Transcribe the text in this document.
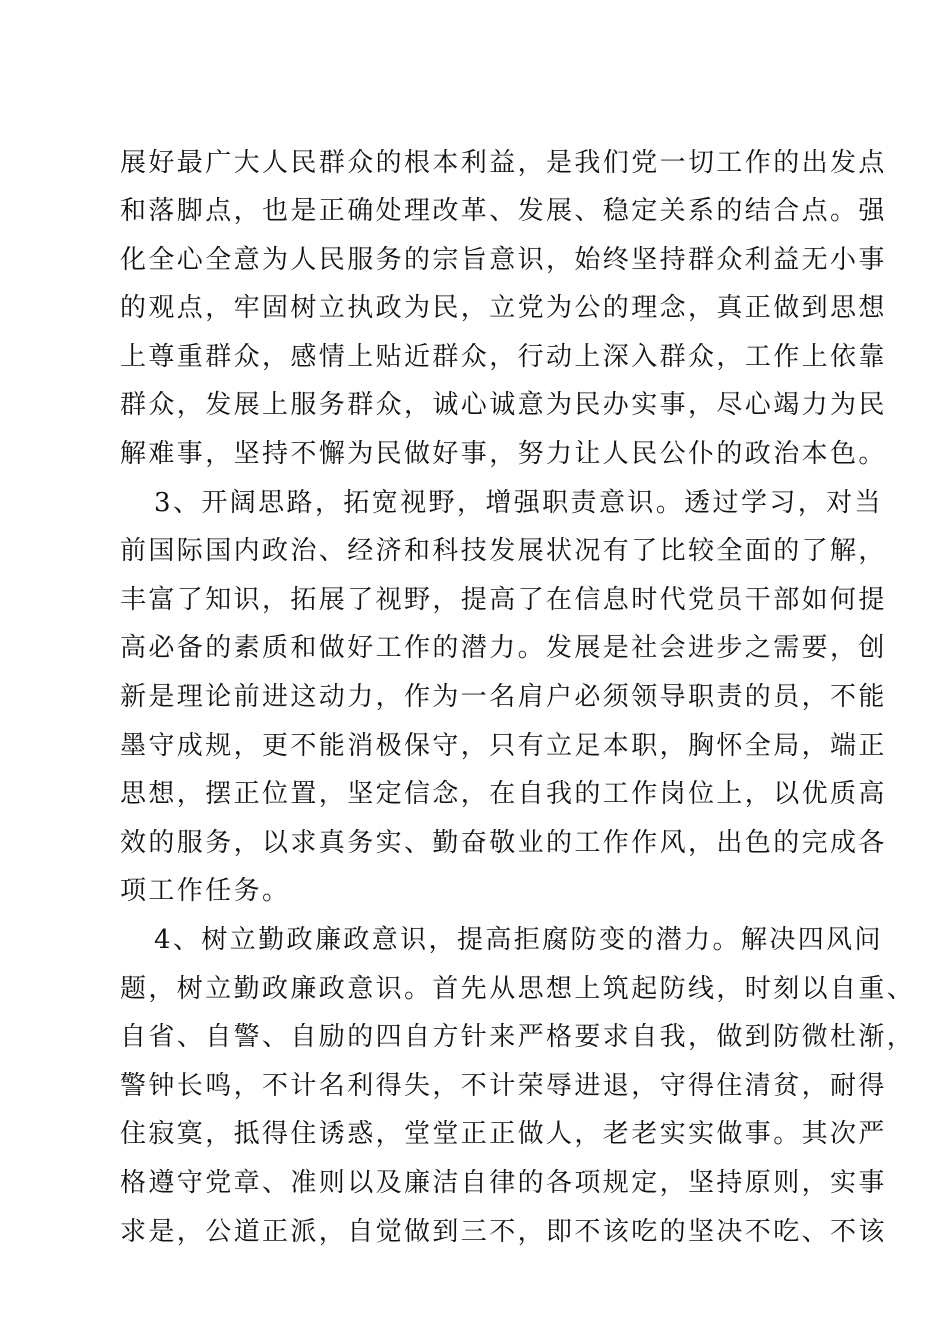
展好最广大人民群众的根本利益，是我们党一切工作的出发点
和落脚点，也是正确处理改革、发展、稳定关系的结合点。强
化全心全意为人民服务的宗旨意识，始终坚持群众利益无小事
的观点，牢固树立执政为民，立党为公的理念，真正做到思想
上尊重群众，感情上贴近群众，行动上深入群众，工作上依靠
群众，发展上服务群众，诚心诚意为民办实事，尽心竭力为民
解难事，坚持不懈为民做好事，努力让人民公仆的政治本色。
3、开阔思路，拓宽视野，增强职责意识。透过学习，对当
前国际国内政治、经济和科技发展状况有了比较全面的了解，
丰富了知识，拓展了视野，提高了在信息时代党员干部如何提
高必备的素质和做好工作的潜力。发展是社会进步之需要，创
新是理论前进这动力，作为一名肩户必须领导职责的员，不能
墨守成规，更不能消极保守，只有立足本职，胸怀全局，端正
思想，摆正位置，坚定信念，在自我的工作岗位上，以优质高
效的服务，以求真务实、勤奋敬业的工作作风，出色的完成各
项工作任务。
4、树立勤政廉政意识，提高拒腐防变的潜力。解决四风问
题，树立勤政廉政意识。首先从思想上筑起防线，时刻以自重、
自省、自警、自励的四自方针来严格要求自我，做到防微杜渐，
警钟长鸣，不计名利得失，不计荣辱进退，守得住清贫，耐得
住寂寞，抵得住诱惑，堂堂正正做人，老老实实做事。其次严
格遵守党章、准则以及廉洁自律的各项规定，坚持原则，实事
求是，公道正派，自觉做到三不，即不该吃的坚决不吃、不该
